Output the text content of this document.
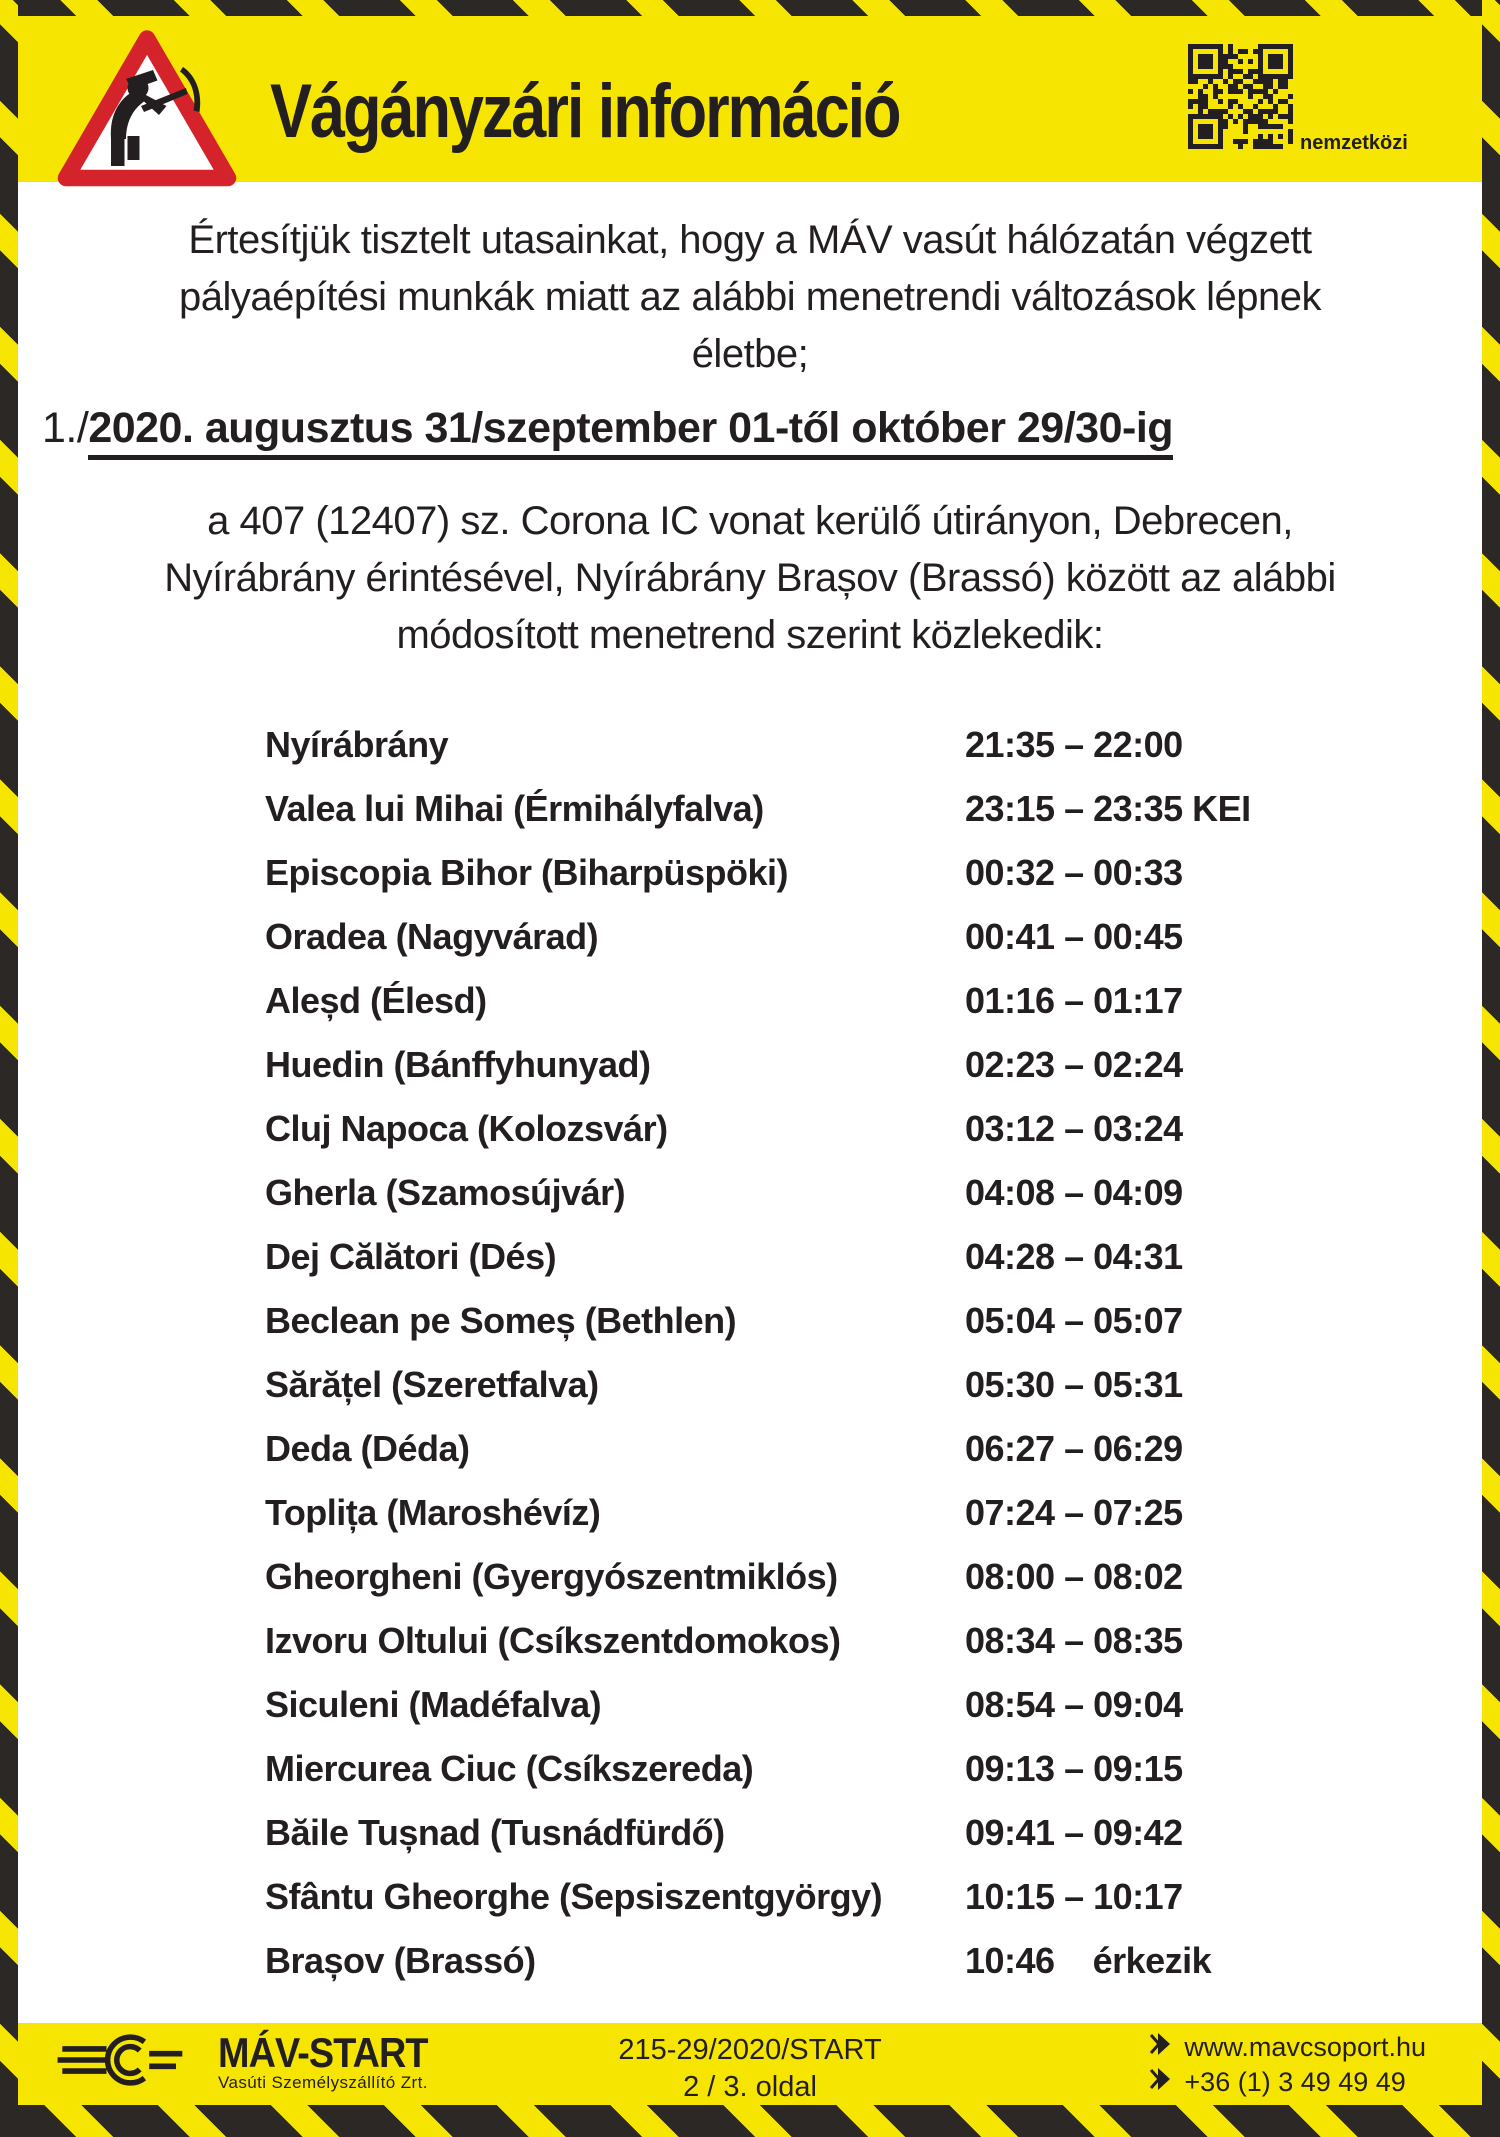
Vágányzári információ	nemzetközi
Értesítjük tisztelt utasainkat, hogy a MÁV vasút hálózatán végzett
pályaépítési munkák miatt az alábbi menetrendi változások lépnek
életbe;
1./2020. augusztus 31/szeptember 01-től október 29/30-ig
a 407 (12407) sz. Corona IC vonat kerülő útirányon, Debrecen,
Nyírábrány érintésével, Nyírábrány Brașov (Brassó) között az alábbi
módosított menetrend szerint közlekedik:
Nyírábrány	21:35 – 22:00
Valea lui Mihai (Érmihályfalva)	23:15 – 23:35 KEI
Episcopia Bihor (Biharpüspöki)	00:32 – 00:33
Oradea (Nagyvárad)	00:41 – 00:45
Aleșd (Élesd)	01:16 – 01:17
Huedin (Bánffyhunyad)	02:23 – 02:24
Cluj Napoca (Kolozsvár)	03:12 – 03:24
Gherla (Szamosújvár)	04:08 – 04:09
Dej Călători (Dés)	04:28 – 04:31
Beclean pe Someș (Bethlen)	05:04 – 05:07
Sărățel (Szeretfalva)	05:30 – 05:31
Deda (Déda)	06:27 – 06:29
Toplița (Maroshévíz)	07:24 – 07:25
Gheorgheni (Gyergyószentmiklós)	08:00 – 08:02
Izvoru Oltului (Csíkszentdomokos)	08:34 – 08:35
Siculeni (Madéfalva)	08:54 – 09:04
Miercurea Ciuc (Csíkszereda)	09:13 – 09:15
Băile Tușnad (Tusnádfürdő)	09:41 – 09:42
Sfântu Gheorghe (Sepsiszentgyörgy)	10:15 – 10:17
Brașov (Brassó)	10:46    érkezik
MÁV-START
Vasúti Személyszállító Zrt.
215-29/2020/START
2 / 3. oldal
www.mavcsoport.hu
+36 (1) 3 49 49 49
